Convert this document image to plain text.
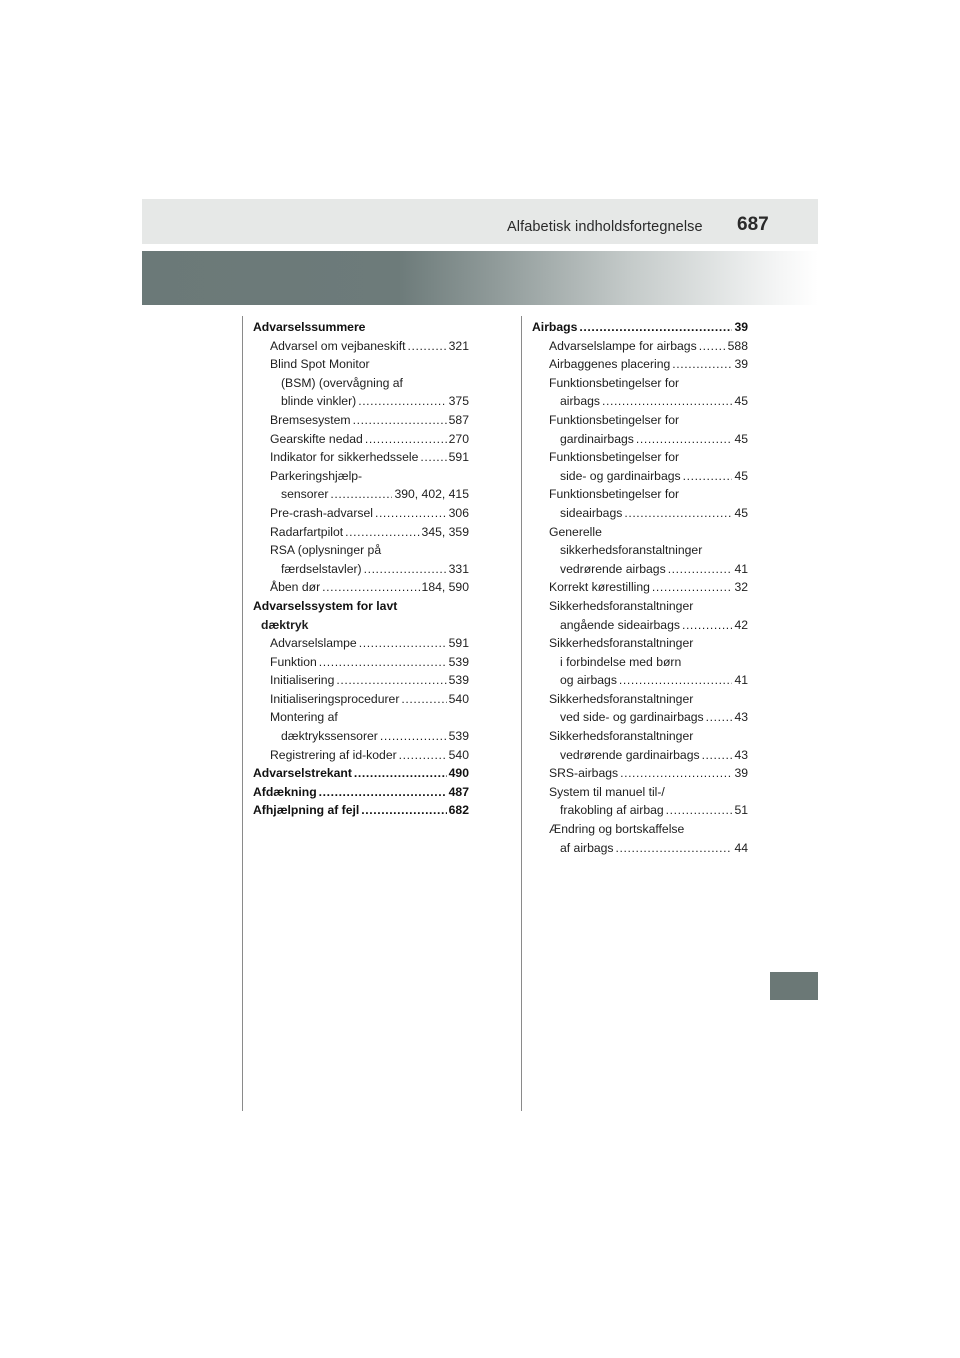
Alfabetisk indholdsfortegnelse 687
Advarselssummere
Advarsel om vejbaneskift .....	321
Blind Spot Monitor
(BSM) (overvågning af
blinde vinkler) .....	375
Bremsesystem .....	587
Gearskifte nedad .....	270
Indikator for sikkerhedssele ..... 591
Parkeringshjælp-
sensorer .....	390, 402, 415
Pre-crash-advarsel .....	306
Radarfartpilot .....	345, 359
RSA (oplysninger på
færdselstavler) .....	331
Åben dør .....	184, 590
Advarselssystem for lavt
dæktryk
Advarselslampe .....	591
Funktion .....	539
Initialisering .....	539
Initialiseringsprocedurer .....	540
Montering af
dæktrykssensorer .....	539
Registrering af id-koder .....	540
Advarselstrekant .....	490
Afdækning .....	487
Afhjælpning af fejl .....	682
Airbags .....	39
Advarselslampe for airbags .....	588
Airbaggenes placering .....	39
Funktionsbetingelser for
airbags .....	45
Funktionsbetingelser for
gardinairbags .....	45
Funktionsbetingelser for
side- og gardinairbags .....	45
Funktionsbetingelser for
sideairbags .....	45
Generelle
sikkerhedsforanstaltninger
vedrørende airbags .....	41
Korrekt kørestilling .....	32
Sikkerhedsforanstaltninger
angående sideairbags .....	42
Sikkerhedsforanstaltninger
i forbindelse med børn
og airbags .....	41
Sikkerhedsforanstaltninger
ved side- og gardinairbags .....	43
Sikkerhedsforanstaltninger
vedrørende gardinairbags .....	43
SRS-airbags .....	39
System til manuel til-/
frakobling af airbag .....	51
Ændring og bortskaffelse
af airbags .....	44
